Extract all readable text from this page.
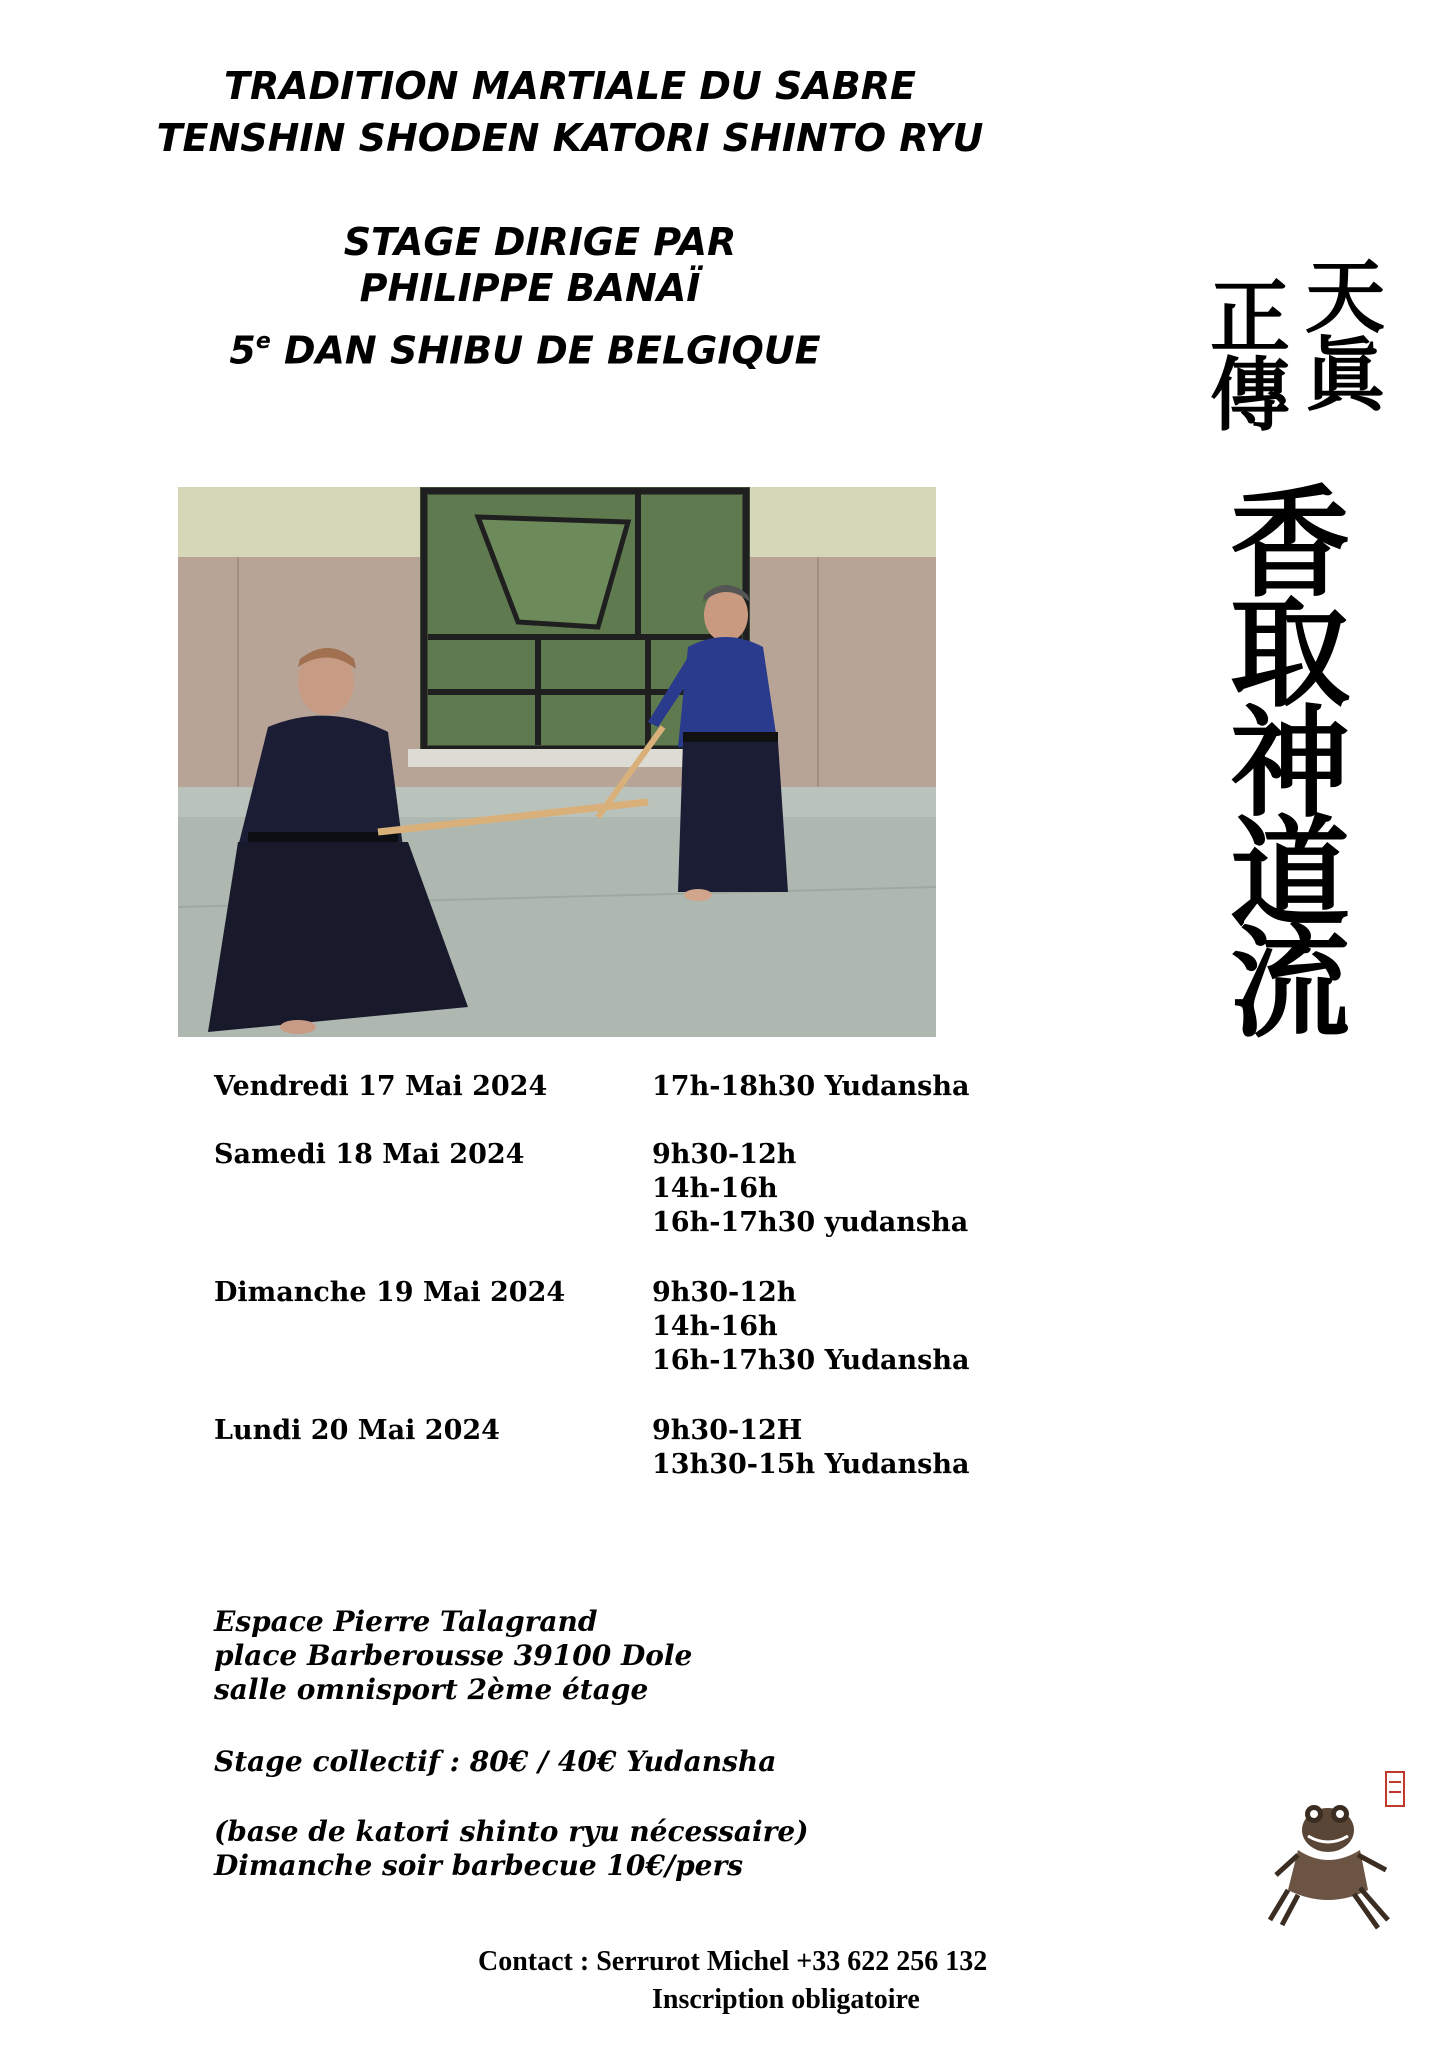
TRADITION MARTIALE DU SABRE
TENSHIN SHODEN KATORI SHINTO RYU
STAGE DIRIGE PAR
PHILIPPE BANAÏ
5e DAN SHIBU DE BELGIQUE
天
眞
正
傳
香
取
神
道
流
Vendredi 17 Mai 2024	17h-18h30 Yudansha
Samedi 18 Mai 2024	9h30-12h
14h-16h
16h-17h30 yudansha
Dimanche 19 Mai 2024	9h30-12h
14h-16h
16h-17h30 Yudansha
Lundi 20 Mai 2024	9h30-12H
13h30-15h Yudansha
Espace Pierre Talagrand
place Barberousse 39100 Dole
salle omnisport 2ème étage
Stage collectif : 80€ / 40€ Yudansha
(base de katori shinto ryu nécessaire)
Dimanche soir barbecue 10€/pers
Contact : Serrurot Michel +33 622 256 132
Inscription obligatoire
